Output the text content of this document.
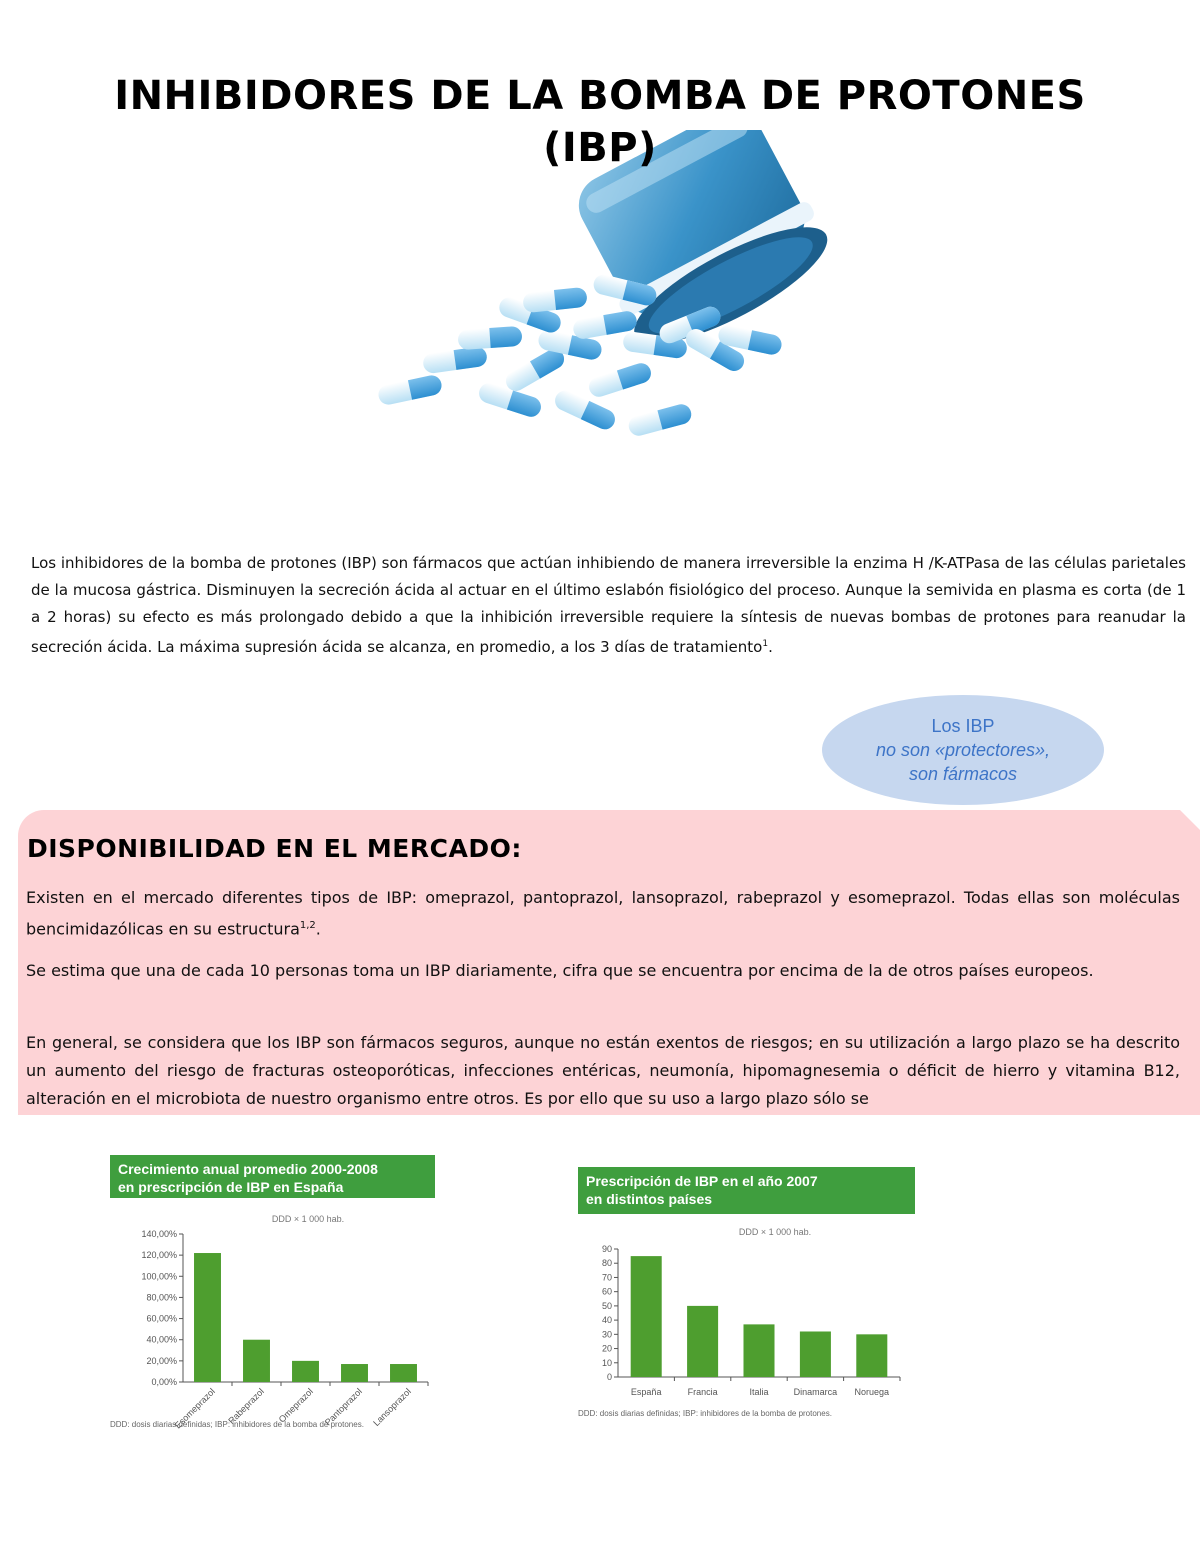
INHIBIDORES DE LA BOMBA DE PROTONES
(IBP)
Los inhibidores de la bomba de protones (IBP) son fármacos que actúan inhibiendo de manera irreversible la enzima H /K-ATPasa de las células parietales de la mucosa gástrica. Disminuyen la secreción ácida al actuar en el último eslabón fisiológico del proceso. Aunque la semivida en plasma es corta (de 1 a 2 horas) su efecto es más prolongado debido a que la inhibición irreversible requiere la síntesis de nuevas bombas de protones para reanudar la secreción ácida. La máxima supresión ácida se alcanza, en promedio, a los 3 días de tratamiento$^1$.
Los IBP
no son «protectores»,
son fármacos
DISPONIBILIDAD EN EL MERCADO:
Existen en el mercado diferentes tipos de IBP: omeprazol, pantoprazol, lansoprazol, rabeprazol y esomeprazol. Todas ellas son moléculas bencimidazólicas en su estructura$^{1,2}$.
Se estima que una de cada 10 personas toma un IBP diariamente, cifra que se encuentra por encima de la de otros países europeos.
En general, se considera que los IBP son fármacos seguros, aunque no están exentos de riesgos; en su utilización a largo plazo se ha descrito un aumento del riesgo de fracturas osteoporóticas, infecciones entéricas, neumonía, hipomagnesemia o déficit de hierro y vitamina B12, alteración en el microbiota de nuestro organismo entre otros. Es por ello que su uso a largo plazo sólo se
Crecimiento anual promedio 2000-2008
en prescripción de IBP en España
DDD × 1 000 hab.
0,00%
20,00%
40,00%
60,00%
80,00%
100,00%
120,00%
140,00%
Esomeprazol Rabeprazol Omeprazol Pantoprazol Lansoprazol
DDD: dosis diarias definidas; IBP: inhibidores de la bomba de protones.
Prescripción de IBP en el año 2007
en distintos países
DDD × 1 000 hab.
0
10
20
30
40
50
60
70
80
90
España	Francia	Italia	Dinamarca Noruega
DDD: dosis diarias definidas; IBP: inhibidores de la bomba de protones.
